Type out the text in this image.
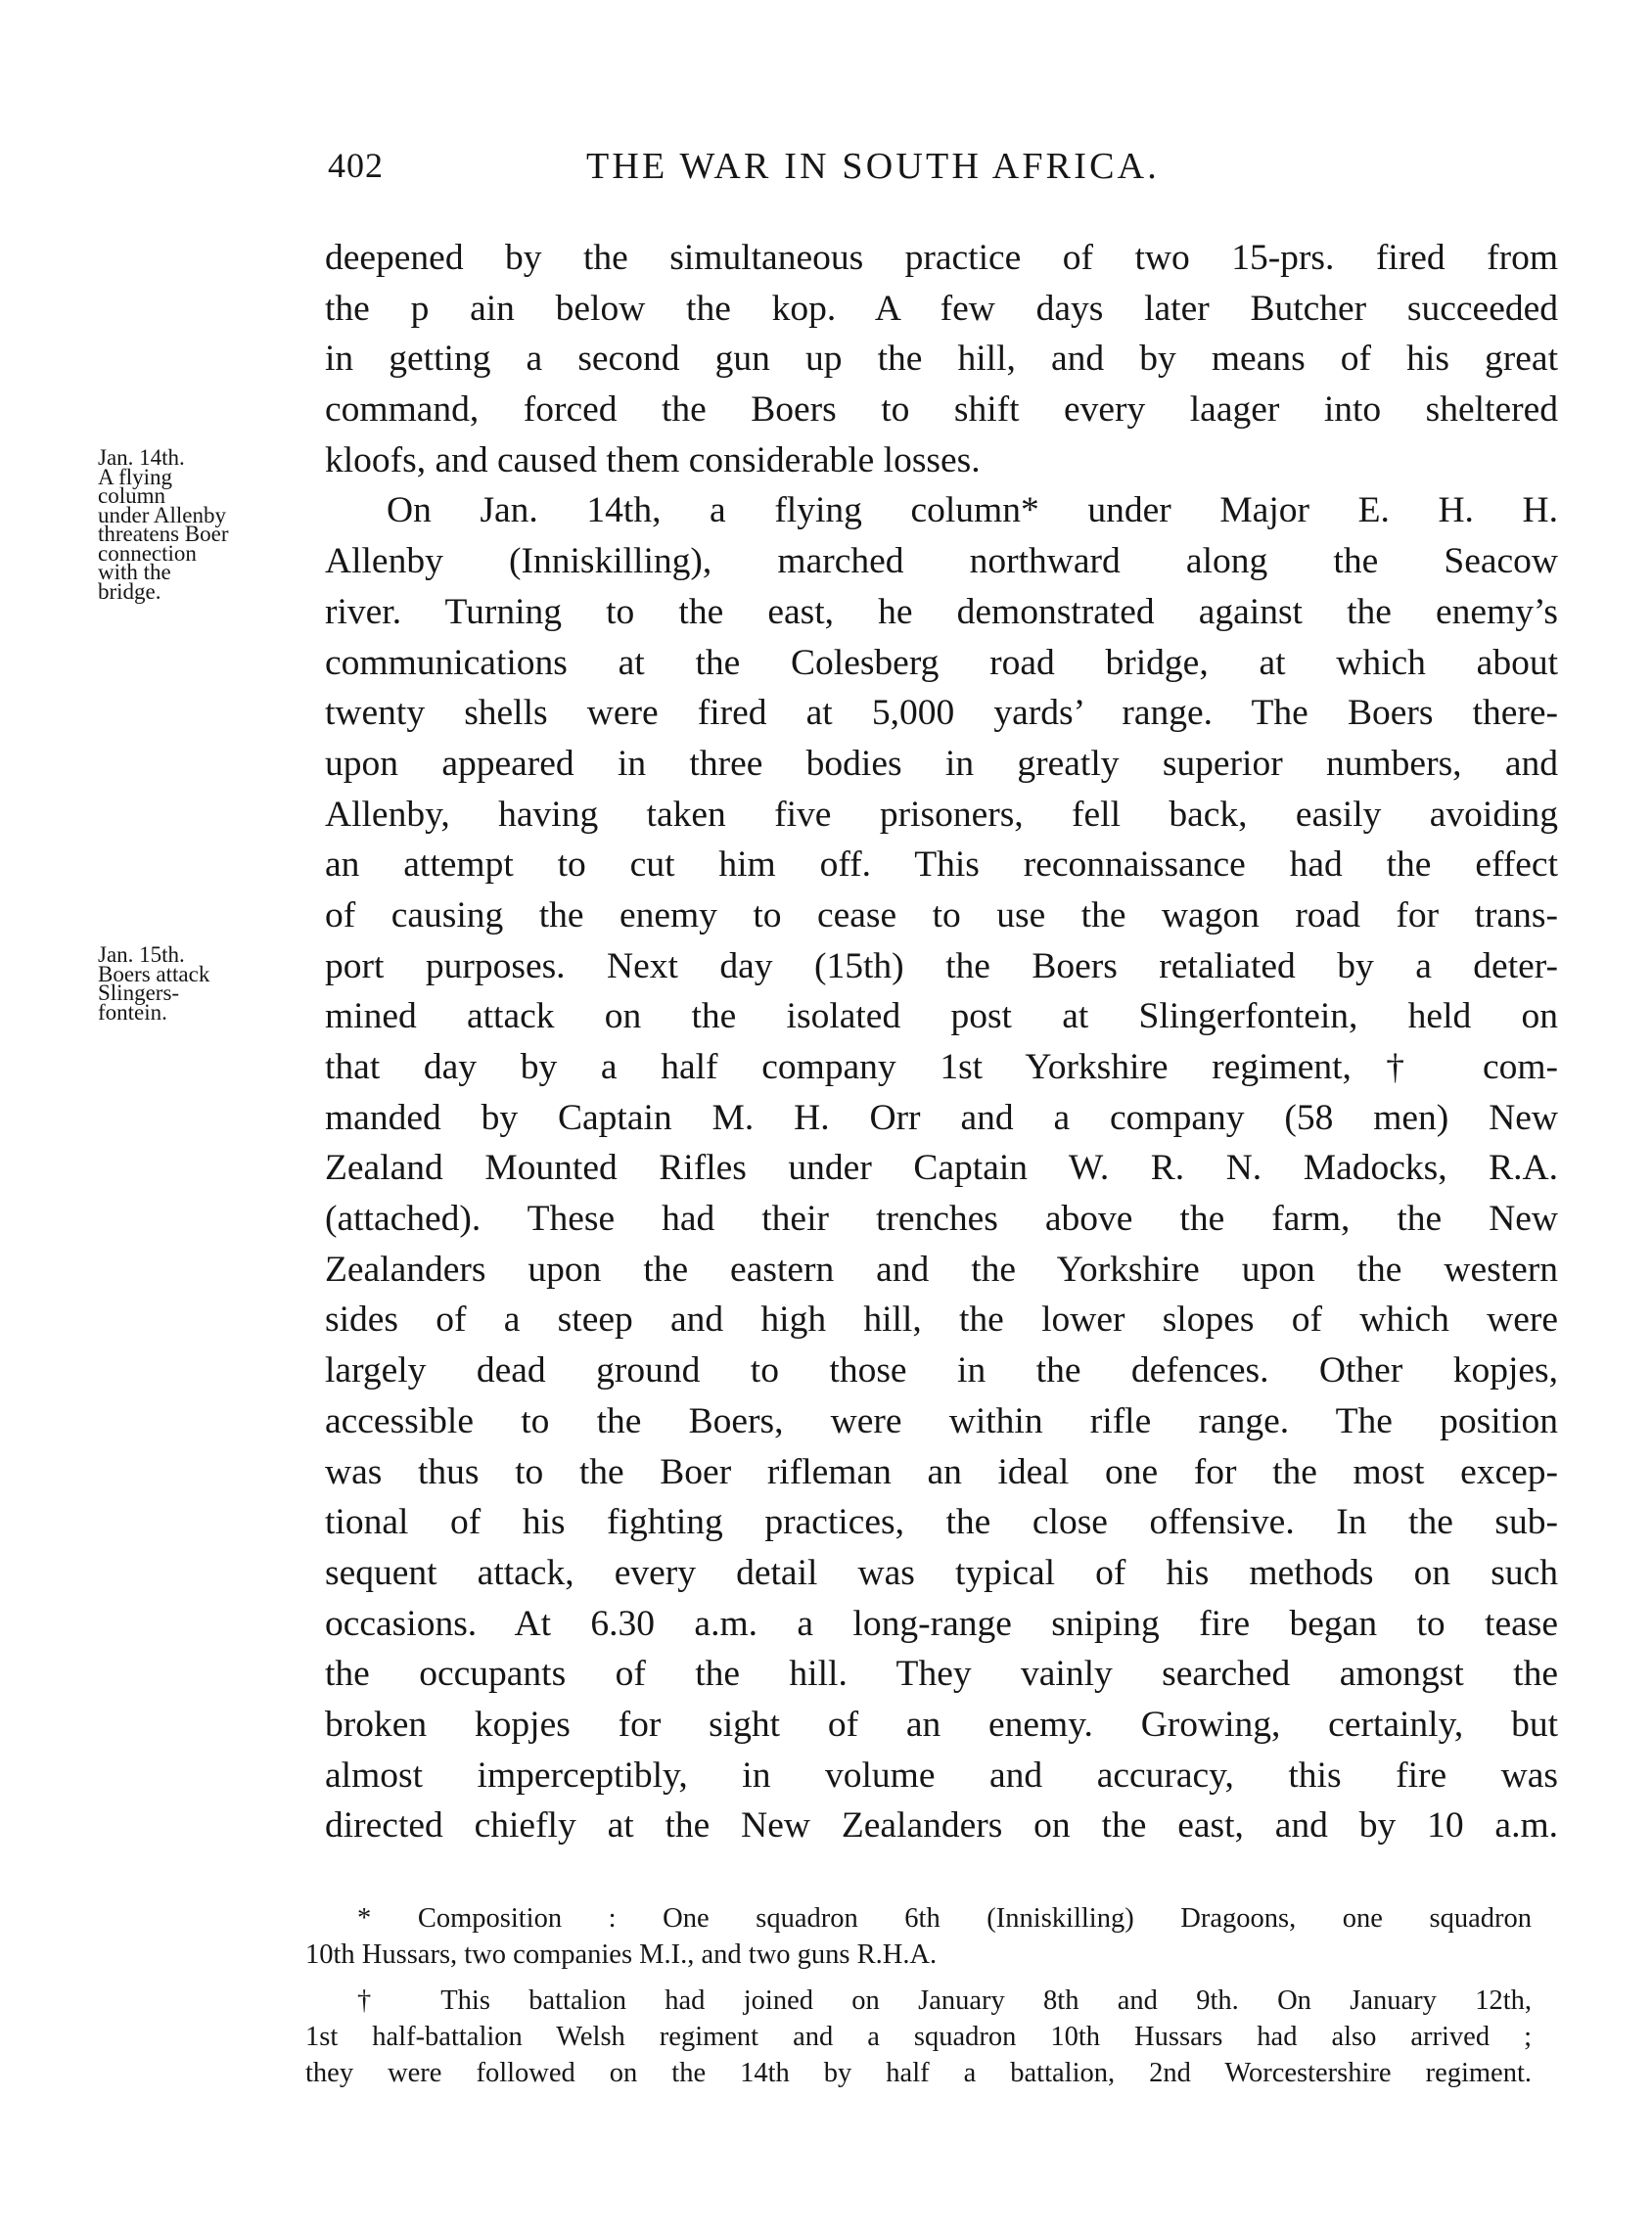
402	THE WAR IN SOUTH AFRICA.
Jan. 14th.
A flying
column
under Allenby
threatens Boer
connection
with the
bridge.
Jan. 15th.
Boers attack
Slingers-
fontein.
deepened by the simultaneous practice of two 15-prs. fired from
the p ain below the kop. A few days later Butcher succeeded
in getting a second gun up the hill, and by means of his great
command, forced the Boers to shift every laager into sheltered
kloofs, and caused them considerable losses.
On Jan. 14th, a flying column* under Major E. H. H.
Allenby (Inniskilling), marched northward along the Seacow
river. Turning to the east, he demonstrated against the enemy’s
communications at the Colesberg road bridge, at which about
twenty shells were fired at 5,000 yards’ range. The Boers there-
upon appeared in three bodies in greatly superior numbers, and
Allenby, having taken five prisoners, fell back, easily avoiding
an attempt to cut him off. This reconnaissance had the effect
of causing the enemy to cease to use the wagon road for trans-
port purposes. Next day (15th) the Boers retaliated by a deter-
mined attack on the isolated post at Slingerfontein, held on
that day by a half company 1st Yorkshire regiment,† com-
manded by Captain M. H. Orr and a company (58 men) New
Zealand Mounted Rifles under Captain W. R. N. Madocks, R.A.
(attached). These had their trenches above the farm, the New
Zealanders upon the eastern and the Yorkshire upon the western
sides of a steep and high hill, the lower slopes of which were
largely dead ground to those in the defences. Other kopjes,
accessible to the Boers, were within rifle range. The position
was thus to the Boer rifleman an ideal one for the most excep-
tional of his fighting practices, the close offensive. In the sub-
sequent attack, every detail was typical of his methods on such
occasions. At 6.30 a.m. a long-range sniping fire began to tease
the occupants of the hill. They vainly searched amongst the
broken kopjes for sight of an enemy. Growing, certainly, but
almost imperceptibly, in volume and accuracy, this fire was
directed chiefly at the New Zealanders on the east, and by 10 a.m.
* Composition : One squadron 6th (Inniskilling) Dragoons, one squadron
10th Hussars, two companies M.I., and two guns R.H.A.
† This battalion had joined on January 8th and 9th. On January 12th,
1st half-battalion Welsh regiment and a squadron 10th Hussars had also arrived ;
they were followed on the 14th by half a battalion, 2nd Worcestershire regiment.
